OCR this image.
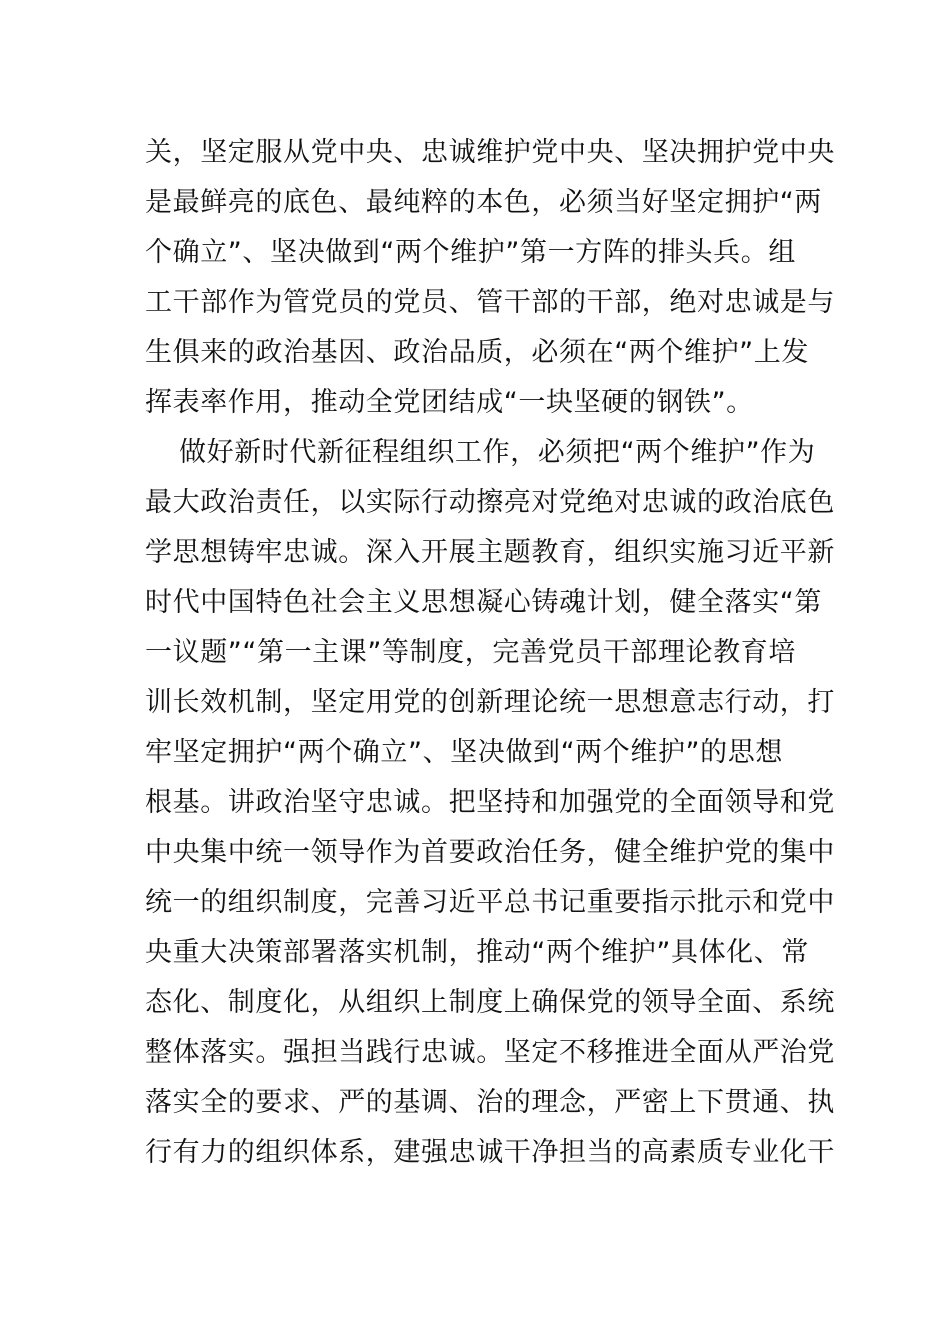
关，坚定服从党中央、忠诚维护党中央、坚决拥护党中央
是最鲜亮的底色、最纯粹的本色，必须当好坚定拥护“两
个确立”、坚决做到“两个维护”第一方阵的排头兵。组
工干部作为管党员的党员、管干部的干部，绝对忠诚是与
生俱来的政治基因、政治品质，必须在“两个维护”上发
挥表率作用，推动全党团结成“一块坚硬的钢铁”。
做好新时代新征程组织工作，必须把“两个维护”作为
最大政治责任，以实际行动擦亮对党绝对忠诚的政治底色
学思想铸牢忠诚。深入开展主题教育，组织实施习近平新
时代中国特色社会主义思想凝心铸魂计划，健全落实“第
一议题”“第一主课”等制度，完善党员干部理论教育培
训长效机制，坚定用党的创新理论统一思想意志行动，打
牢坚定拥护“两个确立”、坚决做到“两个维护”的思想
根基。讲政治坚守忠诚。把坚持和加强党的全面领导和党
中央集中统一领导作为首要政治任务，健全维护党的集中
统一的组织制度，完善习近平总书记重要指示批示和党中
央重大决策部署落实机制，推动“两个维护”具体化、常
态化、制度化，从组织上制度上确保党的领导全面、系统
整体落实。强担当践行忠诚。坚定不移推进全面从严治党
落实全的要求、严的基调、治的理念，严密上下贯通、执
行有力的组织体系，建强忠诚干净担当的高素质专业化干
